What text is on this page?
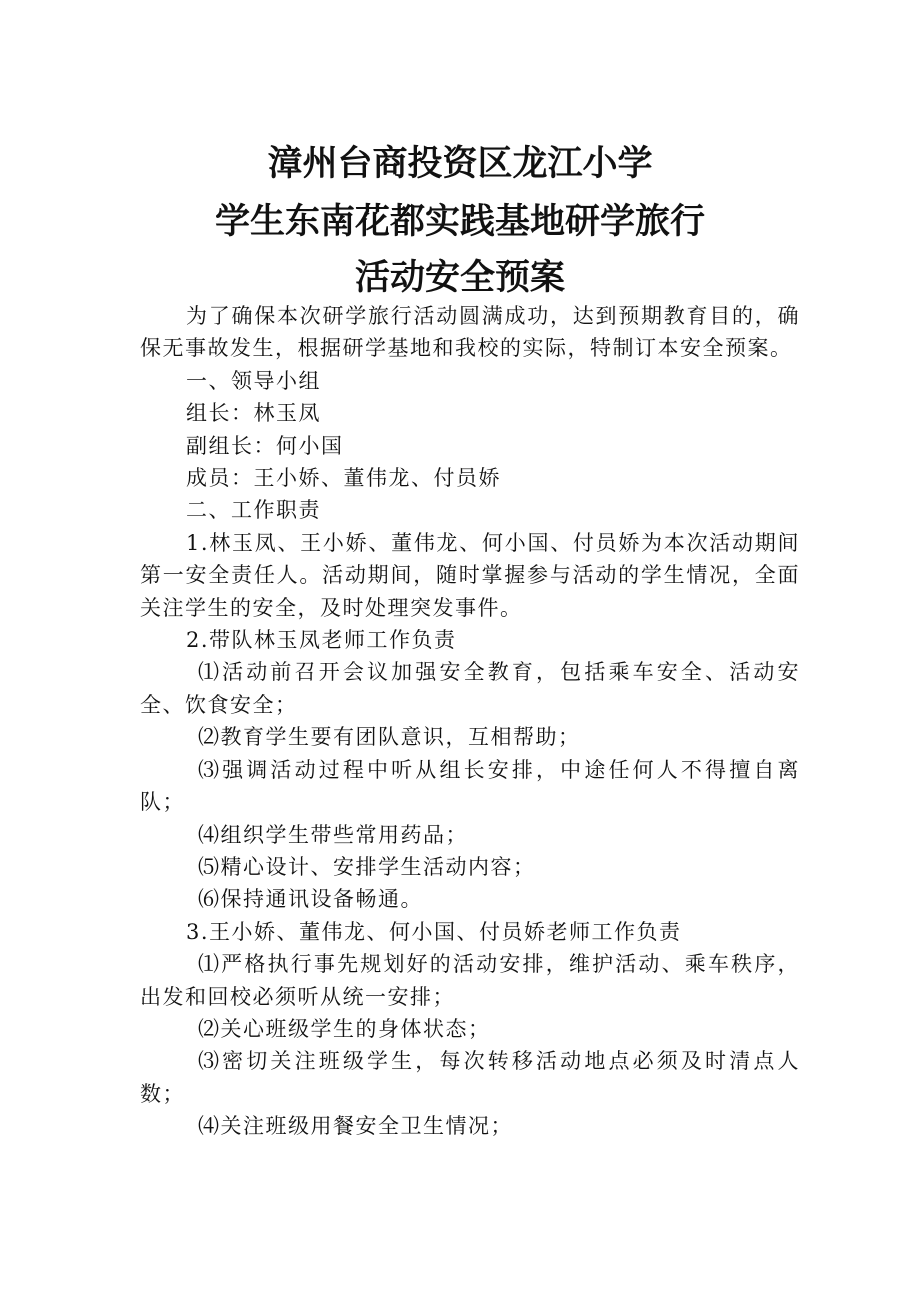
漳州台商投资区龙江小学
学生东南花都实践基地研学旅行
活动安全预案

为了确保本次研学旅行活动圆满成功，达到预期教育目的，确保无事故发生，根据研学基地和我校的实际，特制订本安全预案。

一、领导小组

组长：林玉凤

副组长：何小国

成员：王小娇、董伟龙、付员娇

二、工作职责

1.林玉凤、王小娇、董伟龙、何小国、付员娇为本次活动期间第一安全责任人。活动期间，随时掌握参与活动的学生情况，全面关注学生的安全，及时处理突发事件。

2.带队林玉凤老师工作负责

⑴活动前召开会议加强安全教育，包括乘车安全、活动安全、饮食安全；

⑵教育学生要有团队意识，互相帮助；

⑶强调活动过程中听从组长安排，中途任何人不得擅自离队；

⑷组织学生带些常用药品；

⑸精心设计、安排学生活动内容；

⑹保持通讯设备畅通。

3.王小娇、董伟龙、何小国、付员娇老师工作负责

⑴严格执行事先规划好的活动安排，维护活动、乘车秩序，出发和回校必须听从统一安排；

⑵关心班级学生的身体状态；

⑶密切关注班级学生，每次转移活动地点必须及时清点人数；

⑷关注班级用餐安全卫生情况；
